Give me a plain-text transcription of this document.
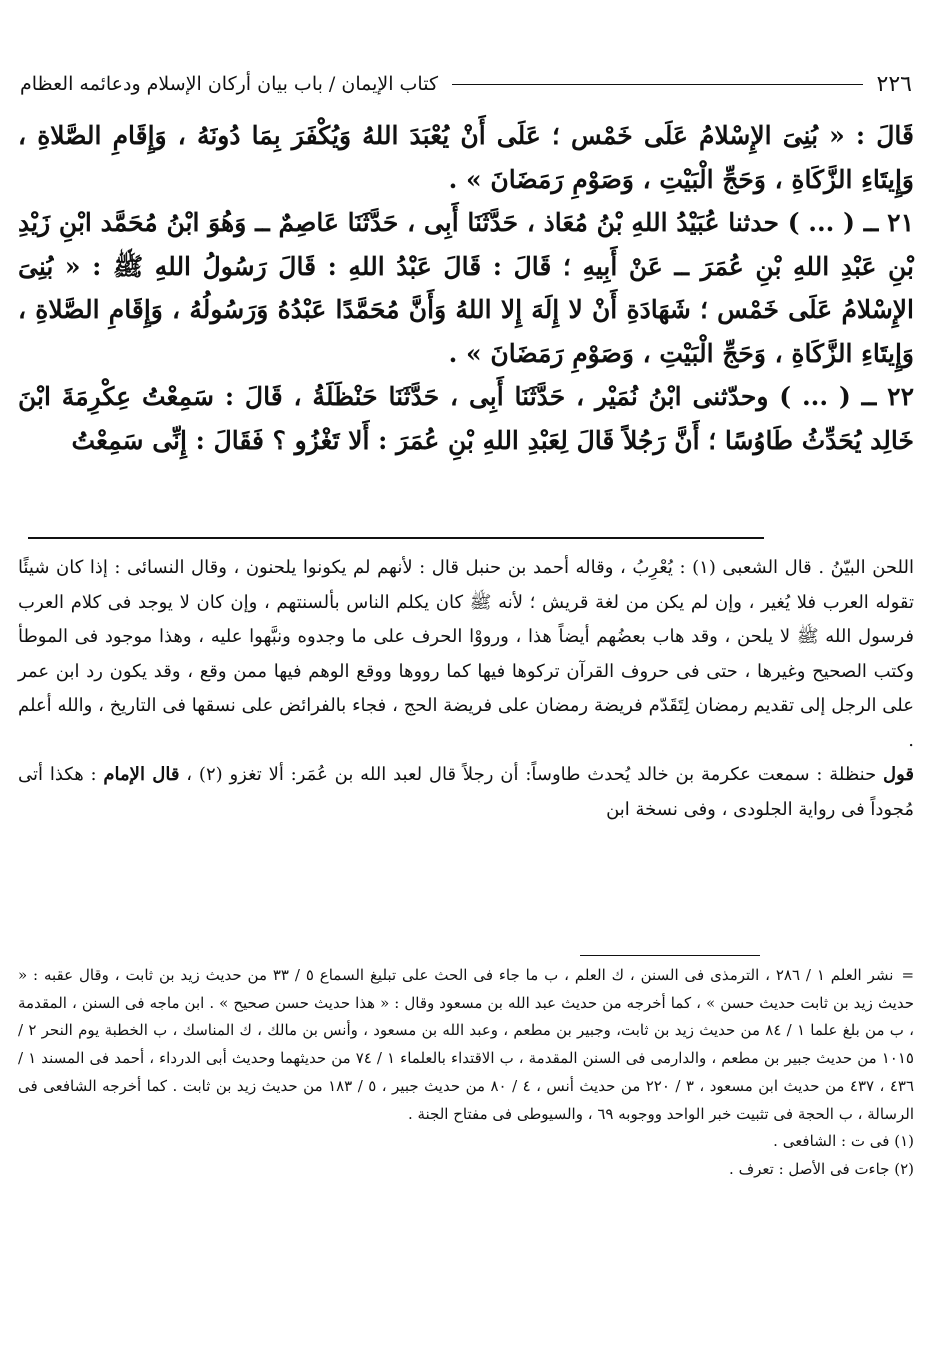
٢٢٦
كتاب الإيمان / باب بيان أركان الإسلام ودعائمه العظام

قَالَ : « بُنِىَ الإِسْلامُ عَلَى خَمْس ؛ عَلَى أَنْ يُعْبَدَ اللهُ وَيُكْفَرَ بِمَا دُونَهُ ، وَإِقَامِ الصَّلاةِ ، وَإِيتَاءِ الزَّكَاةِ ، وَحَجِّ الْبَيْتِ ، وَصَوْمِ رَمَضَانَ » .

٢١ ــ ( ... ) حدثنا عُبَيْدُ اللهِ بْنُ مُعَاذ ، حَدَّثَنَا أَبِى ، حَدَّثَنَا عَاصِمٌ ــ وَهُوَ ابْنُ مُحَمَّد ابْنِ زَيْدِ بْنِ عَبْدِ اللهِ بْنِ عُمَرَ ــ عَنْ أَبِيهِ ؛ قَالَ : قَالَ عَبْدُ اللهِ : قَالَ رَسُولُ اللهِ ﷺ : « بُنِىَ الإِسْلامُ عَلَى خَمْس ؛ شَهَادَةِ أَنْ لا إِلَهَ إِلا اللهُ وَأَنَّ مُحَمَّدًا عَبْدُهُ وَرَسُولُهُ ، وَإِقَامِ الصَّلاةِ ، وَإِيتَاءِ الزَّكَاةِ ، وَحَجِّ الْبَيْتِ ، وَصَوْمِ رَمَضَانَ » .

٢٢ ــ ( ... ) وحدّثنى ابْنُ نُمَيْر ، حَدَّثَنَا أَبِى ، حَدَّثَنَا حَنْظَلَةُ ، قَالَ : سَمِعْتُ عِكْرِمَةَ ابْنَ خَالِد يُحَدِّثُ طَاوُسًا ؛ أَنَّ رَجُلاً قَالَ لِعَبْدِ اللهِ بْنِ عُمَرَ : أَلا تَغْزُو ؟ فَقَالَ : إِنِّى سَمِعْتُ

اللحن البيّنُ . قال الشعبى (١) : يُعْرِبُ ، وقاله أحمد بن حنبل قال : لأنهم لم يكونوا يلحنون ، وقال النسائى : إذا كان شيئًا تقوله العرب فلا يُغير ، وإن لم يكن من لغة قريش ؛ لأنه ﷺ كان يكلم الناس بألسنتهم ، وإن كان لا يوجد فى كلام العرب فرسول الله ﷺ لا يلحن ، وقد هاب بعضُهم أيضاً هذا ، ورووْا الحرف على ما وجدوه ونبَّهوا عليه ، وهذا موجود فى الموطأ وكتب الصحيح وغيرها ، حتى فى حروف القرآن تركوها فيها كما رووها ووقع الوهم فيها ممن وقع ، وقد يكون رد ابن عمر على الرجل إلى تقديم رمضان لِتَقَدّم فريضة رمضان على فريضة الحج ، فجاء بالفرائض على نسقها فى التاريخ ، والله أعلم .

قول حنظلة : سمعت عكرمة بن خالد يُحدث طاوساً: أن رجلاً قال لعبد الله بن عُمَر: ألا تغزو (٢) ، قال الإمام : هكذا أتى مُجوداً فى رواية الجلودى ، وفى نسخة ابن

=نشر العلم ١ / ٢٨٦ ، الترمذى فى السنن ، ك العلم ، ب ما جاء فى الحث على تبليغ السماع ٥ / ٣٣ من حديث زيد بن ثابت ، وقال عقبه : « حديث زيد بن ثابت حديث حسن » ، كما أخرجه من حديث عبد الله بن مسعود وقال : « هذا حديث حسن صحيح » . ابن ماجه فى السنن ، المقدمة ، ب من بلغ علما ١ / ٨٤ من حديث زيد بن ثابت، وجبير بن مطعم ، وعبد الله بن مسعود ، وأنس بن مالك ، ك المناسك ، ب الخطبة يوم النحر ٢ / ١٠١٥ من حديث جبير بن مطعم ، والدارمى فى السنن المقدمة ، ب الاقتداء بالعلماء ١ / ٧٤ من حديثهما وحديث أبى الدرداء ، أحمد فى المسند ١ / ٤٣٦ ، ٤٣٧ من حديث ابن مسعود ، ٣ / ٢٢٠ من حديث أنس ، ٤ / ٨٠ من حديث جبير ، ٥ / ١٨٣ من حديث زيد بن ثابت . كما أخرجه الشافعى فى الرسالة ، ب الحجة فى تثبيت خبر الواحد ووجوبه ٦٩ ، والسيوطى فى مفتاح الجنة .

(١) فى ت : الشافعى .

(٢) جاءت فى الأصل : تعرف .
